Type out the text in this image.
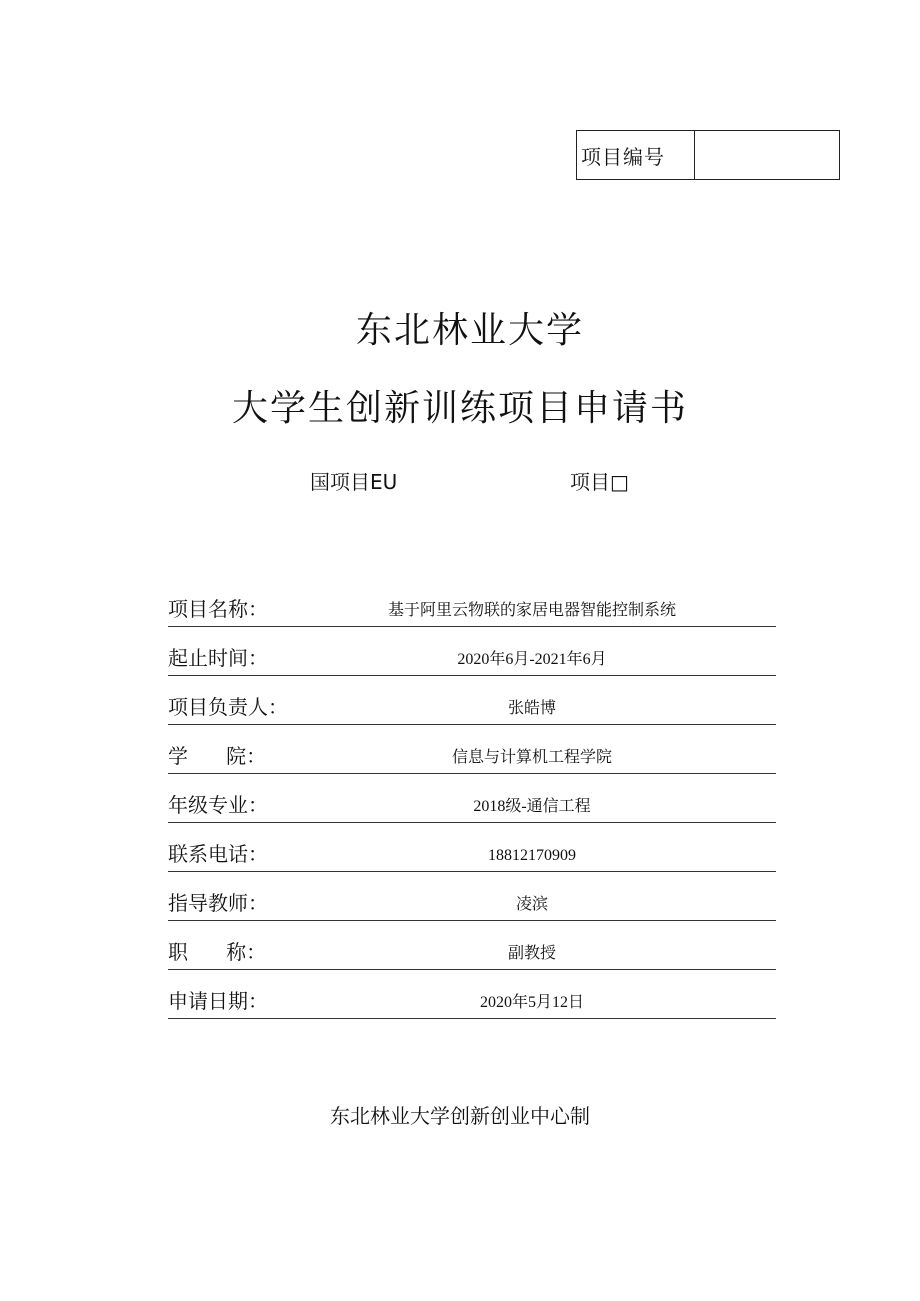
项目编号
东北林业大学
大学生创新训练项目申请书
国项目EU	项目□
项目名称：	基于阿里云物联的家居电器智能控制系统
起止时间：	2020年6月-2021年6月
项目负责人：	张皓博
学      院：	信息与计算机工程学院
年级专业：	2018级-通信工程
联系电话：	18812170909
指导教师：	凌滨
职      称：	副教授
申请日期：	2020年5月12日
东北林业大学创新创业中心制
